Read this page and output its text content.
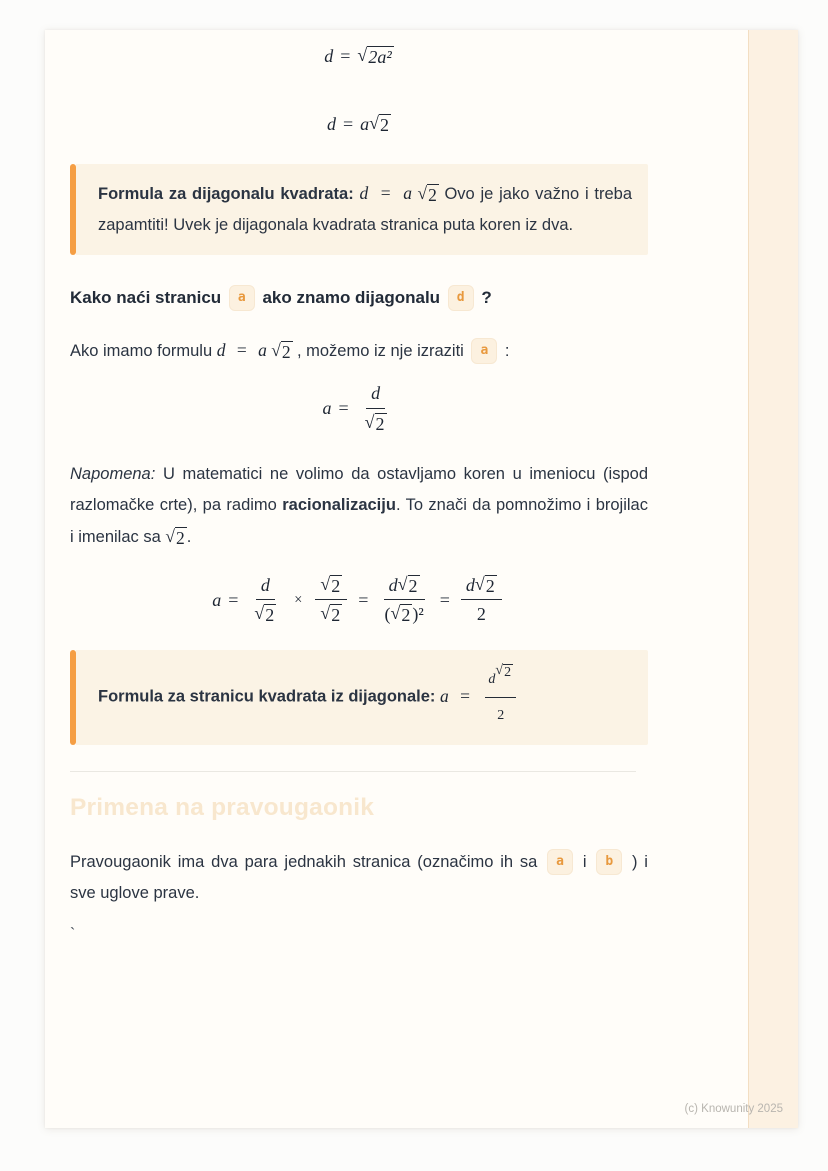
d = √ 2a²
d = a √ 2
Formula za dijagonalu kvadrata: d = a √ 2 Ovo je jako važno i treba zapamtiti! Uvek je dijagonala kvadrata stranica puta koren iz dva.

Kako naći stranicu a ako znamo dijagonalu d ?

Ako imamo formulu d = a √ 2 , možemo iz nje izraziti a :

$a = \frac{d}{√ 2}$

Napomena: U matematici ne volimo da ostavljamo koren u imeniocu (ispod razlomačke crte), pa radimo racionalizaciju. To znači da pomnožimo i brojilac i imenilac sa √ 2 .

$a = \frac{d}{√ 2} \times \frac{√ 2}{√ 2}$ =
d √ 2
( √ 2 )²
= $\frac{d √ 2}{2}$
Formula za stranicu kvadrata iz dijagonale: a = d
√ 2
2

Primena na pravougaonik

Pravougaonik ima dva para jednakih stranica (označimo ih sa a i b ) i sve uglove prave.

`

(c) Knowunity 2025
